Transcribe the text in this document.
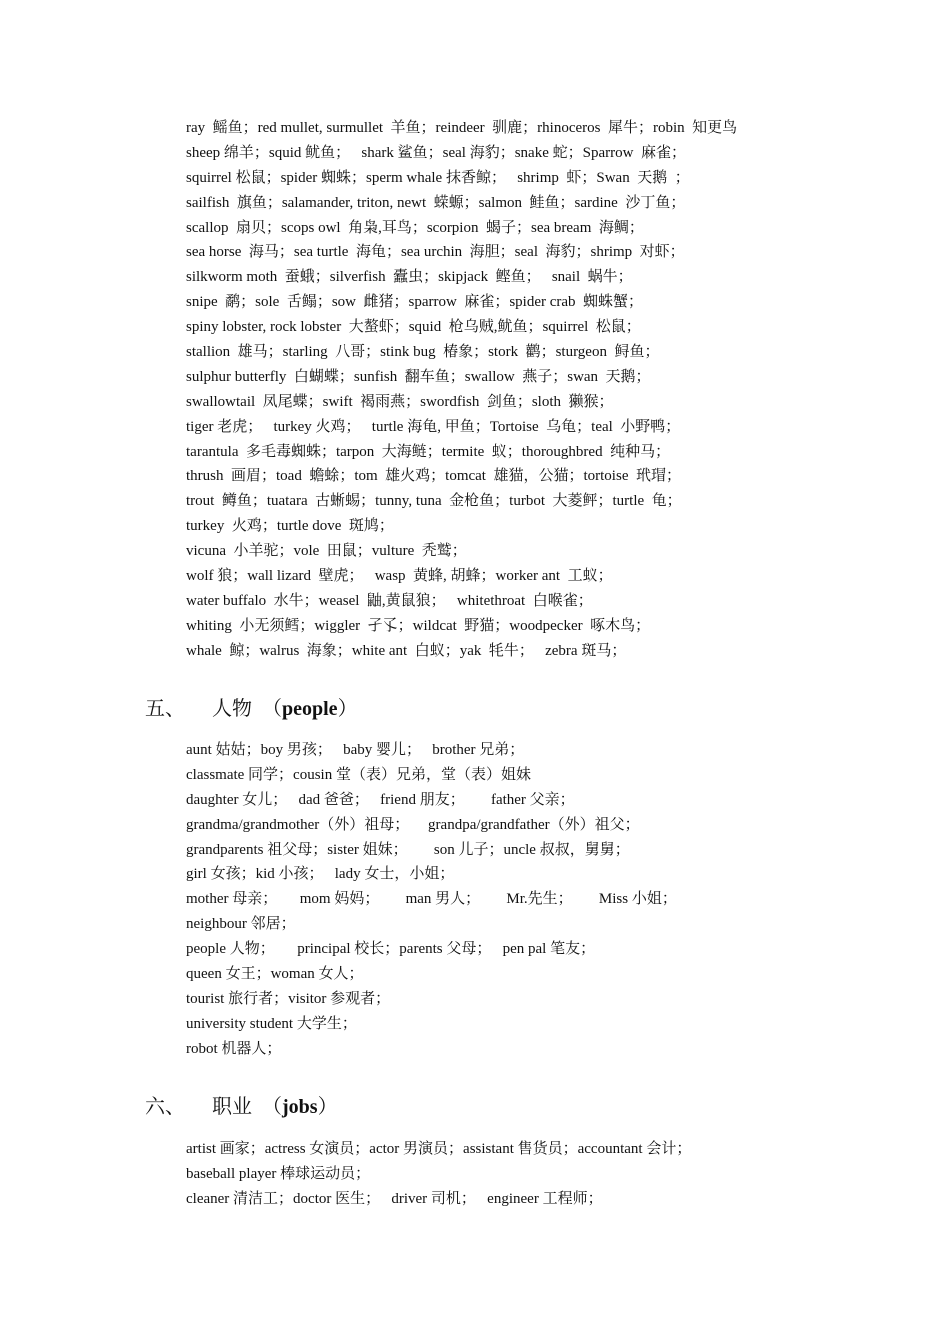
ray  鳐鱼；red mullet, surmullet  羊鱼；reindeer  驯鹿；rhinoceros  犀牛；robin  知更鸟

sheep 绵羊；squid 鱿鱼；   shark 鲨鱼；seal 海豹；snake 蛇；Sparrow  麻雀；

squirrel 松鼠；spider 蜘蛛；sperm whale 抹香鲸；   shrimp  虾；Swan  天鹅  ；

sailfish  旗鱼；salamander, triton, newt  蝾螈；salmon  鲑鱼；sardine  沙丁鱼；

scallop  扇贝；scops owl  角枭,耳鸟；scorpion  蝎子；sea bream  海鲷；

sea horse  海马；sea turtle  海龟；sea urchin  海胆；seal  海豹；shrimp  对虾；

silkworm moth  蚕蛾；silverfish  蠹虫；skipjack  鲣鱼；   snail  蜗牛；

snipe  鹬；sole  舌鳎；sow  雌猪；sparrow  麻雀；spider crab  蜘蛛蟹；

spiny lobster, rock lobster  大螯虾；squid  枪乌贼,鱿鱼；squirrel  松鼠；

stallion  雄马；starling  八哥；stink bug  椿象；stork  鹳；sturgeon  鲟鱼；

sulphur butterfly  白蝴蝶；sunfish  翻车鱼；swallow  燕子；swan  天鹅；

swallowtail  凤尾蝶；swift  褐雨燕；swordfish  剑鱼；sloth  獭猴；

tiger 老虎；   turkey 火鸡；   turtle 海龟, 甲鱼；Tortoise  乌龟；teal  小野鸭；

tarantula  多毛毒蜘蛛；tarpon  大海鲢；termite  蚁；thoroughbred  纯种马；

thrush  画眉；toad  蟾蜍；tom  雄火鸡；tomcat  雄猫，公猫；tortoise  玳瑁；

trout  鳟鱼；tuatara  古蜥蜴；tunny, tuna  金枪鱼；turbot  大菱鲆；turtle  龟；

turkey  火鸡；turtle dove  斑鸠；

vicuna  小羊驼；vole  田鼠；vulture  秃鹫；

wolf 狼；wall lizard  壁虎；   wasp  黄蜂, 胡蜂；worker ant  工蚁；

water buffalo  水牛；weasel  鼬,黄鼠狼；   whitethroat  白喉雀；

whiting  小无须鳕；wiggler  孑孓；wildcat  野猫；woodpecker  啄木鸟；

whale  鲸；walrus  海象；white ant  白蚁；yak  牦牛；   zebra 斑马；

五、 人物 （people）

aunt 姑姑；boy 男孩；   baby 婴儿；   brother 兄弟；

classmate 同学；cousin 堂（表）兄弟，堂（表）姐妹

daughter 女儿；   dad 爸爸；   friend 朋友；       father 父亲；

grandma/grandmother（外）祖母；     grandpa/grandfather（外）祖父；

grandparents 祖父母；sister 姐妹；       son 儿子；uncle 叔叔，舅舅；

girl 女孩；kid 小孩；   lady 女士，小姐；

mother 母亲；      mom 妈妈；       man 男人；       Mr.先生；       Miss 小姐；

neighbour 邻居；

people 人物；      principal 校长；parents 父母；   pen pal 笔友；

queen 女王；woman 女人；

tourist 旅行者；visitor 参观者；

university student 大学生；

robot 机器人；

六、 职业 （jobs）

artist 画家；actress 女演员；actor 男演员；assistant 售货员；accountant 会计；

baseball player 棒球运动员；

cleaner 清洁工；doctor 医生；   driver 司机；   engineer 工程师；
